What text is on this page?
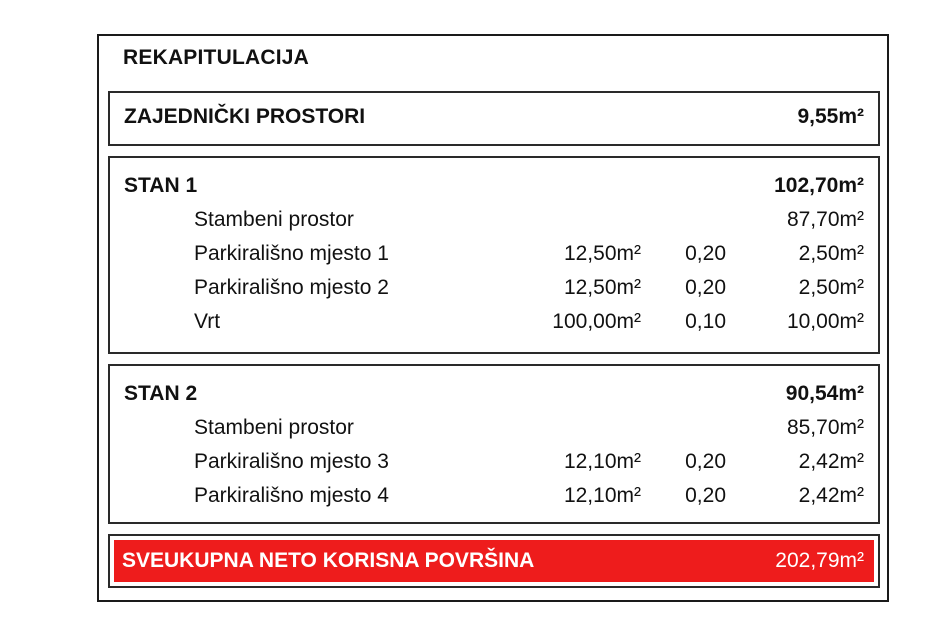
REKAPITULACIJA
ZAJEDNIČKI PROSTORI	9,55m²
STAN 1	102,70m²
Stambeni prostor	87,70m²
Parkirališno mjesto 1	12,50m² 0,20	2,50m²
Parkirališno mjesto 2	12,50m² 0,20	2,50m²
Vrt	100,00m² 0,10	10,00m²
STAN 2	90,54m²
Stambeni prostor	85,70m²
Parkirališno mjesto 3	12,10m² 0,20	2,42m²
Parkirališno mjesto 4	12,10m² 0,20	2,42m²
SVEUKUPNA NETO KORISNA POVRŠINA	202,79m²
